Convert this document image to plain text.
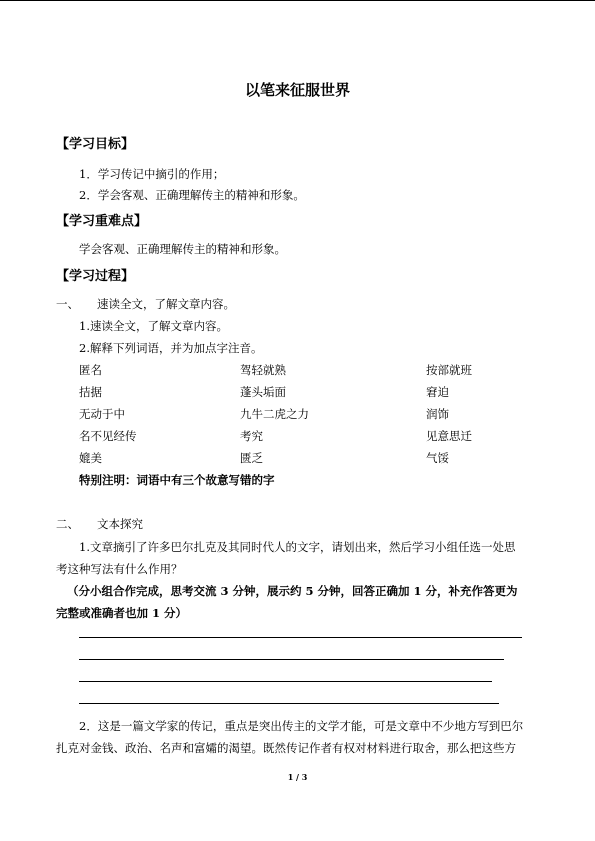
以笔来征服世界
【学习目标】
1．学习传记中摘引的作用；
2．学会客观、正确理解传主的精神和形象。
【学习重难点】
学会客观、正确理解传主的精神和形象。
【学习过程】
一、 速读全文，了解文章内容。
1.速读全文，了解文章内容。
2.解释下列词语，并为加点字注音。
匿名	驾轻就熟	按部就班
拮据	蓬头垢面	窘迫
无动于中	九牛二虎之力	润饰
名不见经传	考究	见意思迁
媲美	匮乏	气馁
特别注明：词语中有三个故意写错的字
二、 文本探究
1.文章摘引了许多巴尔扎克及其同时代人的文字，请划出来，然后学习小组任选一处思
考这种写法有什么作用？
（分小组合作完成，思考交流 3 分钟，展示约 5 分钟，回答正确加 1 分，补充作答更为
完整或准确者也加 1 分）
2．这是一篇文学家的传记，重点是突出传主的文学才能，可是文章中不少地方写到巴尔
扎克对金钱、政治、名声和富孀的渴望。既然传记作者有权对材料进行取舍，那么把这些方
1 / 3
